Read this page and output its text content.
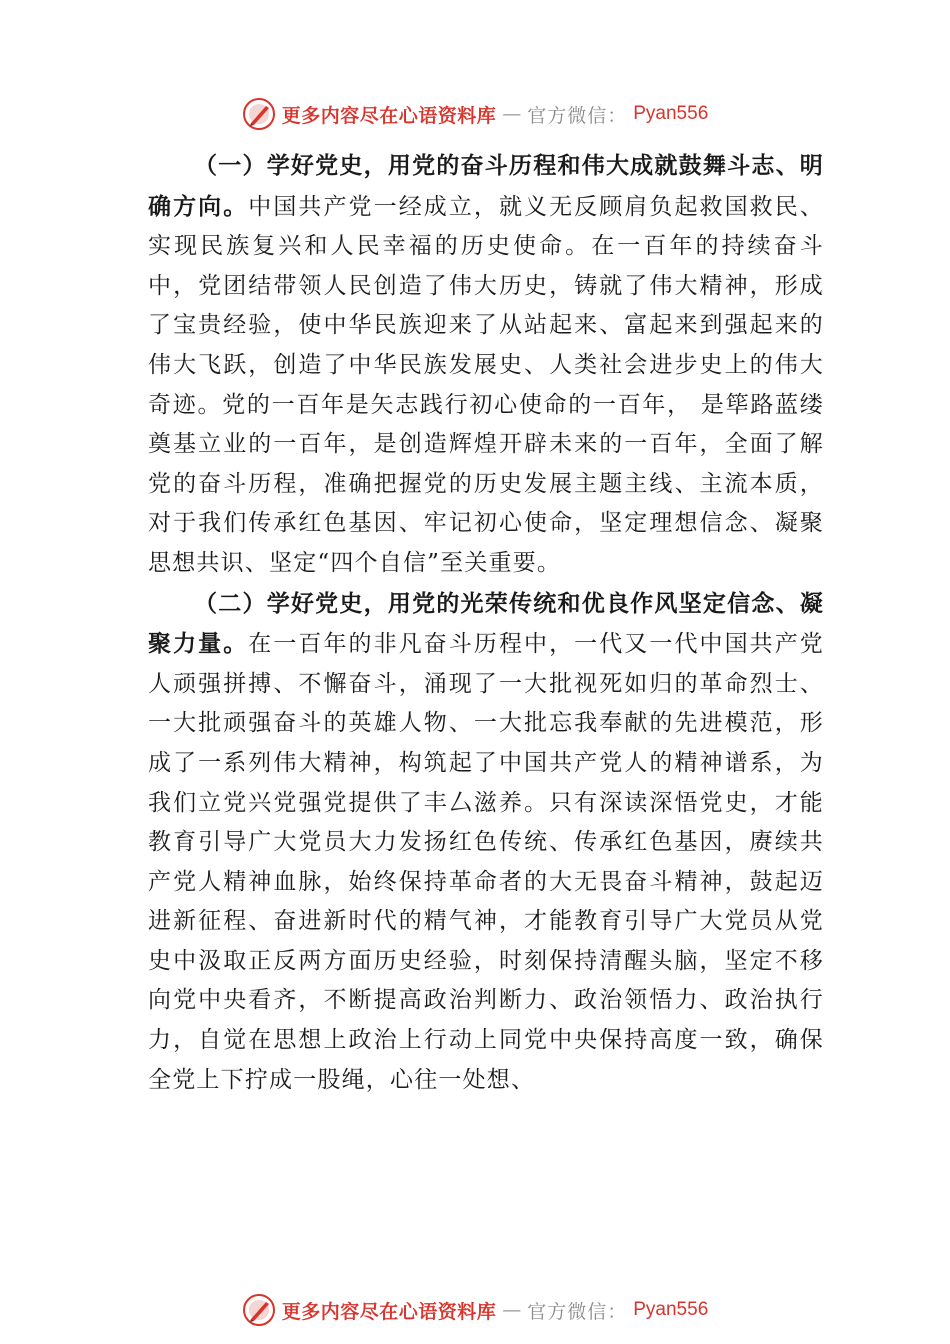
更多内容尽在心语资料库 — 官方微信： Pyan556

（一）学好党史，用党的奋斗历程和伟大成就鼓舞斗志、明确方向。中国共产党一经成立，就义无反顾肩负起救国救民、实现民族复兴和人民幸福的历史使命。在一百年的持续奋斗中，党团结带领人民创造了伟大历史，铸就了伟大精神，形成了宝贵经验，使中华民族迎来了从站起来、富起来到强起来的伟大飞跃，创造了中华民族发展史、人类社会进步史上的伟大奇迹。党的一百年是矢志践行初心使命的一百年， 是筚路蓝缕奠基立业的一百年，是创造辉煌开辟未来的一百年，全面了解党的奋斗历程，准确把握党的历史发展主题主线、主流本质，对于我们传承红色基因、牢记初心使命，坚定理想信念、凝聚思想共识、坚定“四个自信”至关重要。

（二）学好党史，用党的光荣传统和优良作风坚定信念、凝聚力量。在一百年的非凡奋斗历程中，一代又一代中国共产党人顽强拼搏、不懈奋斗，涌现了一大批视死如归的革命烈士、一大批顽强奋斗的英雄人物、一大批忘我奉献的先进模范，形成了一系列伟大精神，构筑起了中国共产党人的精神谱系，为我们立党兴党强党提供了丰⼛滋养。只有深读深悟党史，才能教育引导广大党员大力发扬红色传统、传承红色基因，赓续共产党人精神血脉，始终保持革命者的大无畏奋斗精神，鼓起迈进新征程、奋进新时代的精气神，才能教育引导广大党员从党史中汲取正反两方面历史经验，时刻保持清醒头脑，坚定不移向党中央看齐，不断提高政治判断力、政治领悟力、政治执行力，自觉在思想上政治上行动上同党中央保持高度一致，确保全党上下拧成一股绳，心往一处想、

更多内容尽在心语资料库 — 官方微信： Pyan556
